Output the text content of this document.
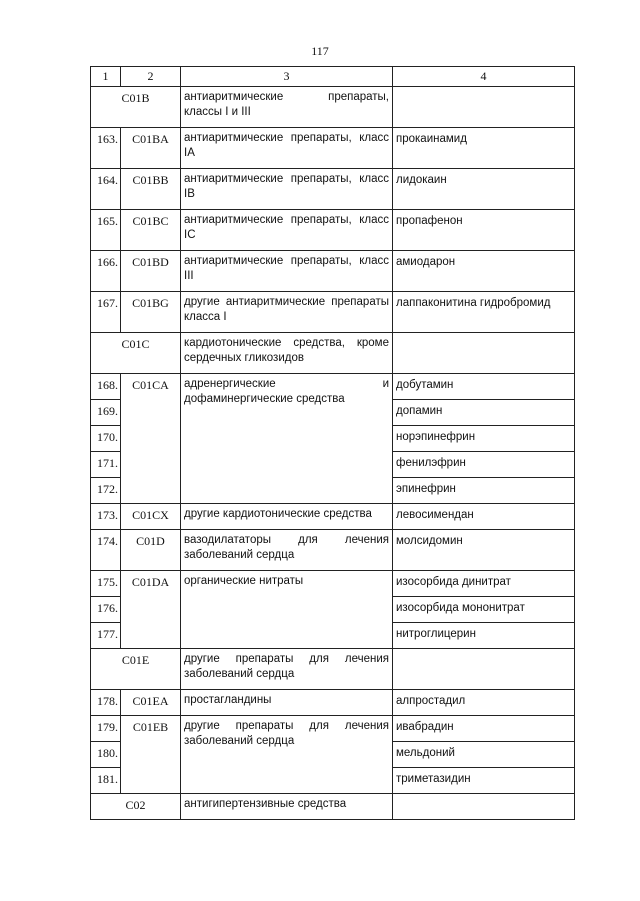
117
1	2	3	4
C01B		антиаритмические препараты,
классы I и III	

163.	C01BA	антиаритмические препараты, класс
IA	прокаинамид
164.	C01BB	антиаритмические препараты, класс
IB	лидокаин
165.	C01BC	антиаритмические препараты, класс
IC	пропафенон
166.	C01BD	антиаритмические препараты, класс
III	амиодарон
167.	C01BG	другие антиаритмические препараты
класса I	лаппаконитина гидробромид
C01C		кардиотонические средства, кроме
сердечных гликозидов	

168.	C01CA	адренергические и
дофаминергические средства	добутамин
169.			допамин
170.			норэпинефрин
171.			фенилэфрин
172.			эпинефрин
173.	C01CX	другие кардиотонические средства	левосимендан
174.	C01D	вазодилататоры для лечения
заболеваний сердца	молсидомин
175.	C01DA	органические нитраты	изосорбида динитрат
176.			изосорбида мононитрат
177.			нитроглицерин
C01E		другие препараты для лечения
заболеваний сердца	

178.	C01EA	простагландины	алпростадил
179.	C01EB	другие препараты для лечения
заболеваний сердца	ивабрадин
180.			мельдоний
181.			триметазидин
C02		антигипертензивные средства	
